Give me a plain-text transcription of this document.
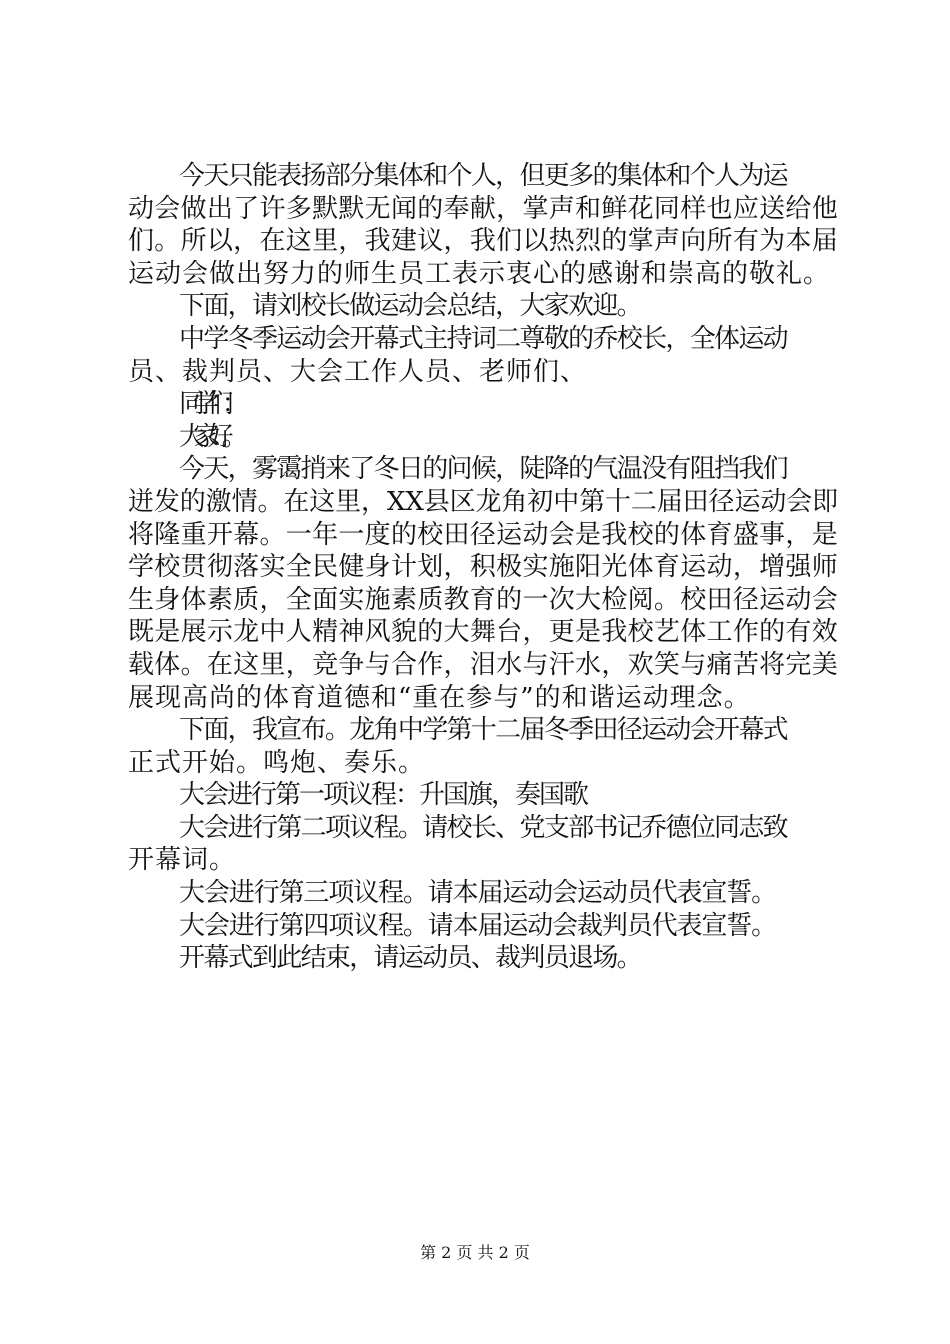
今天只能表扬部分集体和个人，但更多的集体和个人为运
动会做出了许多默默无闻的奉献，掌声和鲜花同样也应送给他
们。所以，在这里，我建议，我们以热烈的掌声向所有为本届
运动会做出努力的师生员工表示衷心的感谢和崇高的敬礼。
下面，请刘校长做运动会总结，大家欢迎。
中学冬季运动会开幕式主持词二尊敬的乔校长，全体运动
员、裁判员、大会工作人员、老师们、
同学们：
大家好。
今天，雾霭捎来了冬日的问候，陡降的气温没有阻挡我们
迸发的激情。在这里，XX县区龙角初中第十二届田径运动会即
将隆重开幕。一年一度的校田径运动会是我校的体育盛事，是
学校贯彻落实全民健身计划，积极实施阳光体育运动，增强师
生身体素质，全面实施素质教育的一次大检阅。校田径运动会
既是展示龙中人精神风貌的大舞台，更是我校艺体工作的有效
载体。在这里，竞争与合作，泪水与汗水，欢笑与痛苦将完美
展现高尚的体育道德和“重在参与”的和谐运动理念。
下面，我宣布。龙角中学第十二届冬季田径运动会开幕式
正式开始。鸣炮、奏乐。
大会进行第一项议程：升国旗，奏国歌
大会进行第二项议程。请校长、党支部书记乔德位同志致
开幕词。
大会进行第三项议程。请本届运动会运动员代表宣誓。
大会进行第四项议程。请本届运动会裁判员代表宣誓。
开幕式到此结束，请运动员、裁判员退场。
第 2 页 共 2 页
